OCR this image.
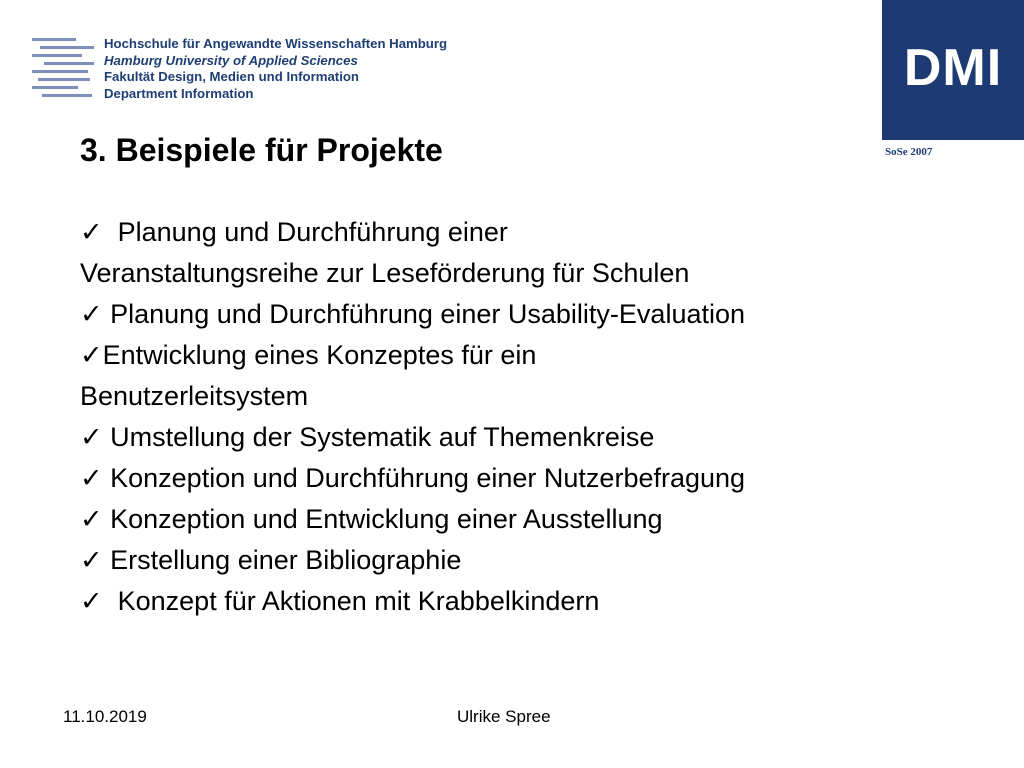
Hochschule für Angewandte Wissenschaften Hamburg
Hamburg University of Applied Sciences
Fakultät Design, Medien und Information
Department Information	DMI
SoSe 2007
3. Beispiele für Projekte
✓  Planung und Durchführung einer
Veranstaltungsreihe zur Leseförderung für Schulen
✓ Planung und Durchführung einer Usability-Evaluation
✓Entwicklung eines Konzeptes für ein
Benutzerleitsystem
✓ Umstellung der Systematik auf Themenkreise
✓ Konzeption und Durchführung einer Nutzerbefragung
✓ Konzeption und Entwicklung einer Ausstellung
✓ Erstellung einer Bibliographie
✓  Konzept für Aktionen mit Krabbelkindern
11.10.2019	Ulrike Spree
